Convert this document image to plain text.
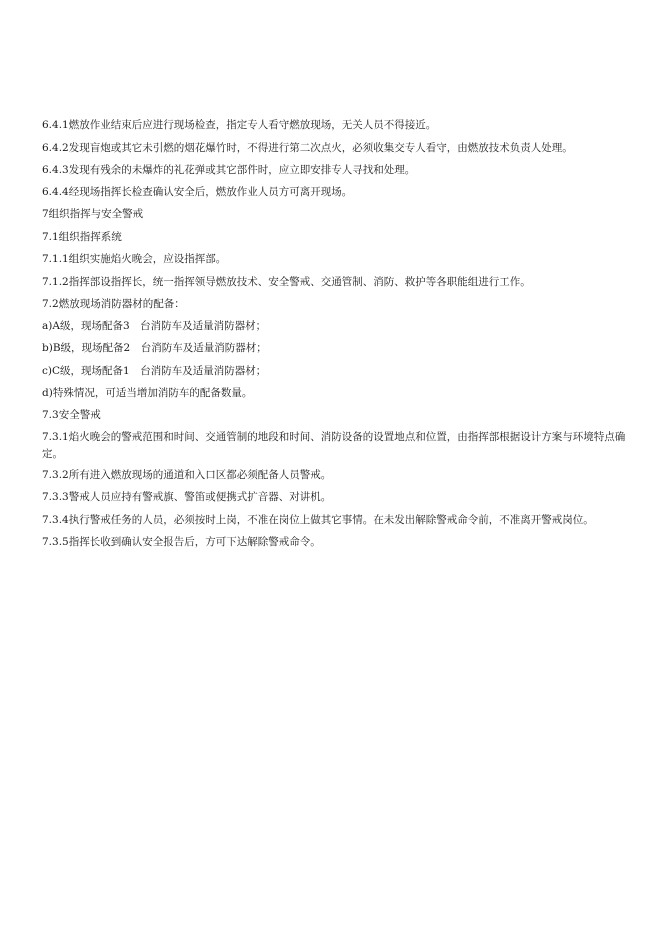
6.4.1燃放作业结束后应进行现场检查，指定专人看守燃放现场，无关人员不得接近。

6.4.2发现盲炮或其它未引燃的烟花爆竹时，不得进行第二次点火，必须收集交专人看守，由燃放技术负责人处理。

6.4.3发现有残余的未爆炸的礼花弹或其它部件时，应立即安排专人寻找和处理。

6.4.4经现场指挥长检查确认安全后，燃放作业人员方可离开现场。

7组织指挥与安全警戒

7.1组织指挥系统

7.1.1组织实施焰火晚会，应设指挥部。

7.1.2指挥部设指挥长，统一指挥领导燃放技术、安全警戒、交通管制、消防、救护等各职能组进行工作。

7.2燃放现场消防器材的配备：

a)A级，现场配备3　台消防车及适量消防器材；

b)B级，现场配备2　台消防车及适量消防器材；

c)C级，现场配备1　台消防车及适量消防器材；

d)特殊情况，可适当增加消防车的配备数量。

7.3安全警戒

7.3.1焰火晚会的警戒范围和时间、交通管制的地段和时间、消防设备的设置地点和位置，由指挥部根据设计方案与环境特点确定。

7.3.2所有进入燃放现场的通道和入口区都必须配备人员警戒。

7.3.3警戒人员应持有警戒旗、警笛或便携式扩音器、对讲机。

7.3.4执行警戒任务的人员，必须按时上岗，不准在岗位上做其它事情。在未发出解除警戒命令前，不准离开警戒岗位。

7.3.5指挥长收到确认安全报告后，方可下达解除警戒命令。
